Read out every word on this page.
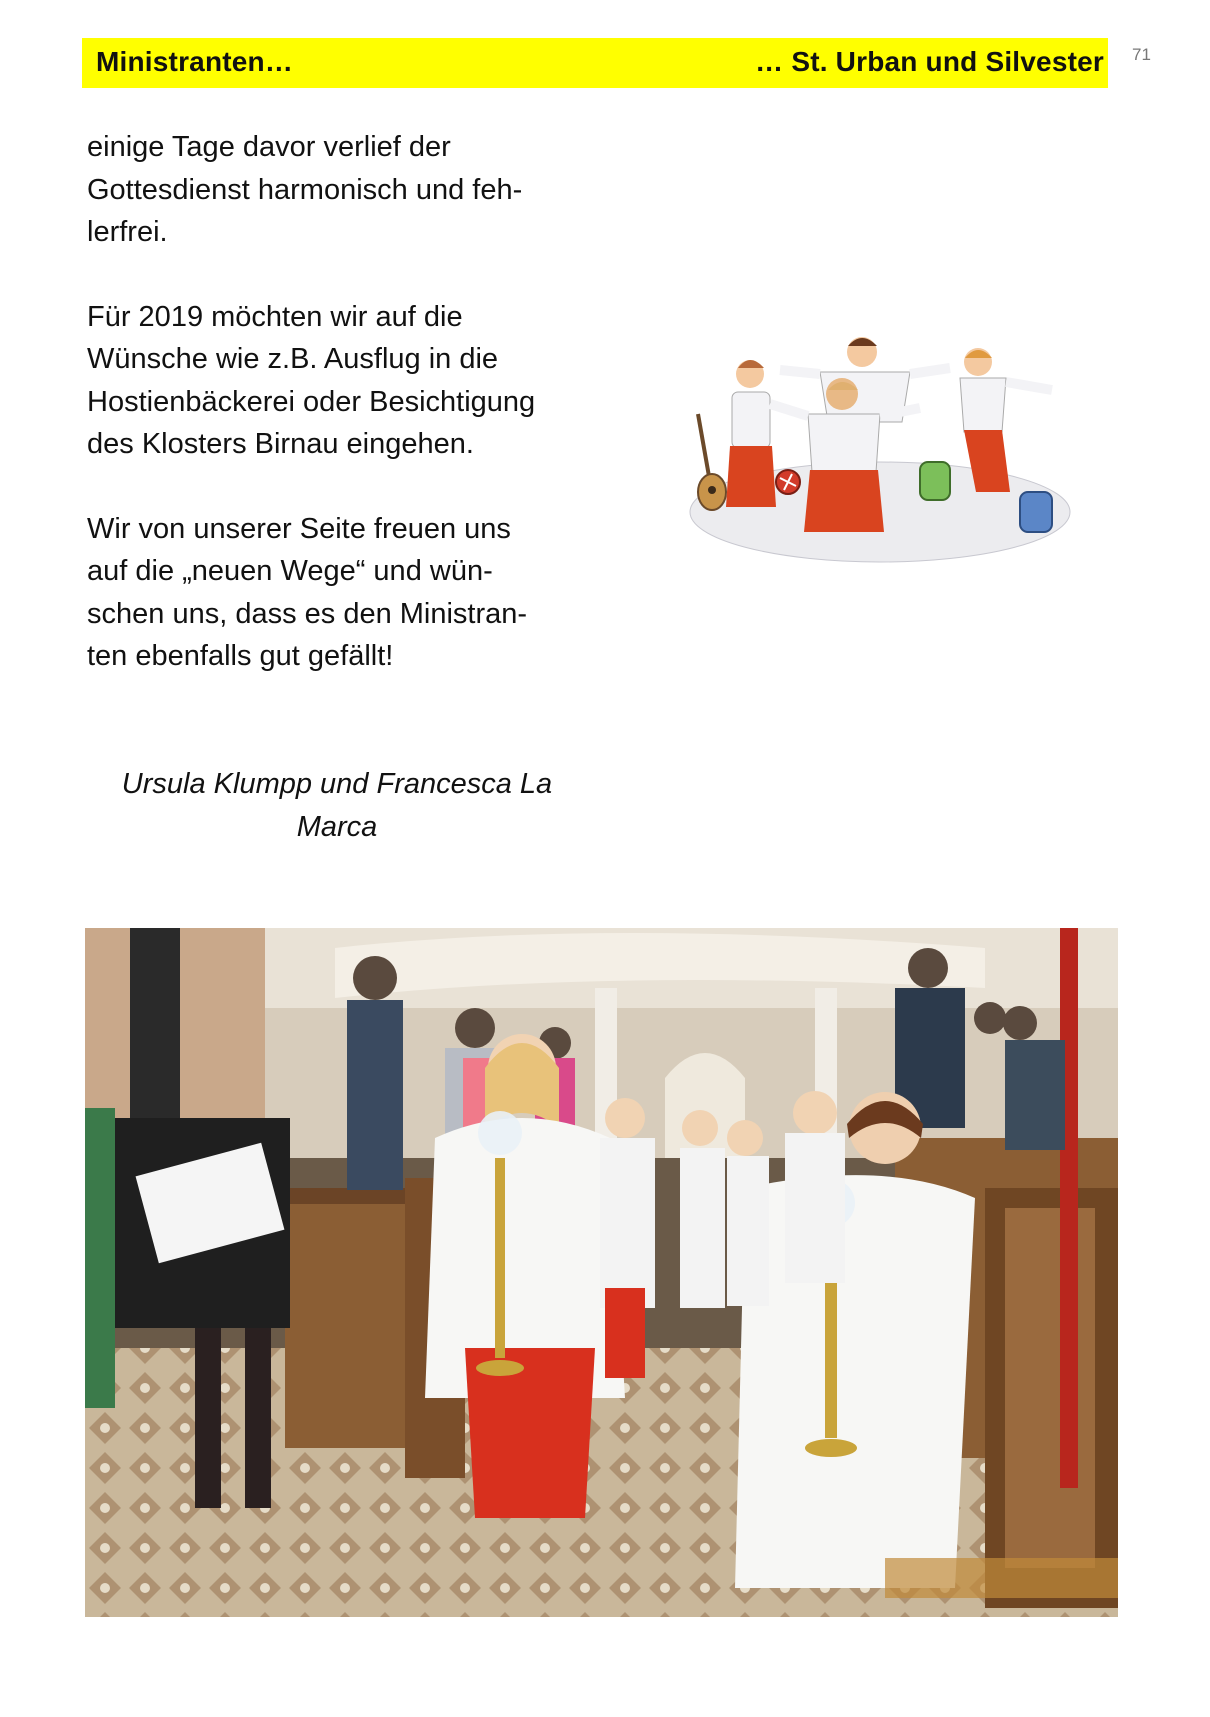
Ministranten…	… St. Urban und Silvester 71

einige Tage davor verlief der
Gottesdienst harmonisch und feh-
lerfrei.

Für 2019 möchten wir auf die
Wünsche wie z.B. Ausflug in die
Hostienbäckerei oder Besichtigung
des Klosters Birnau eingehen.

Wir von unserer Seite freuen uns
auf die „neuen Wege“ und wün-
schen uns, dass es den Ministran-
ten ebenfalls gut gefällt!

Ursula Klumpp und Francesca La
Marca
